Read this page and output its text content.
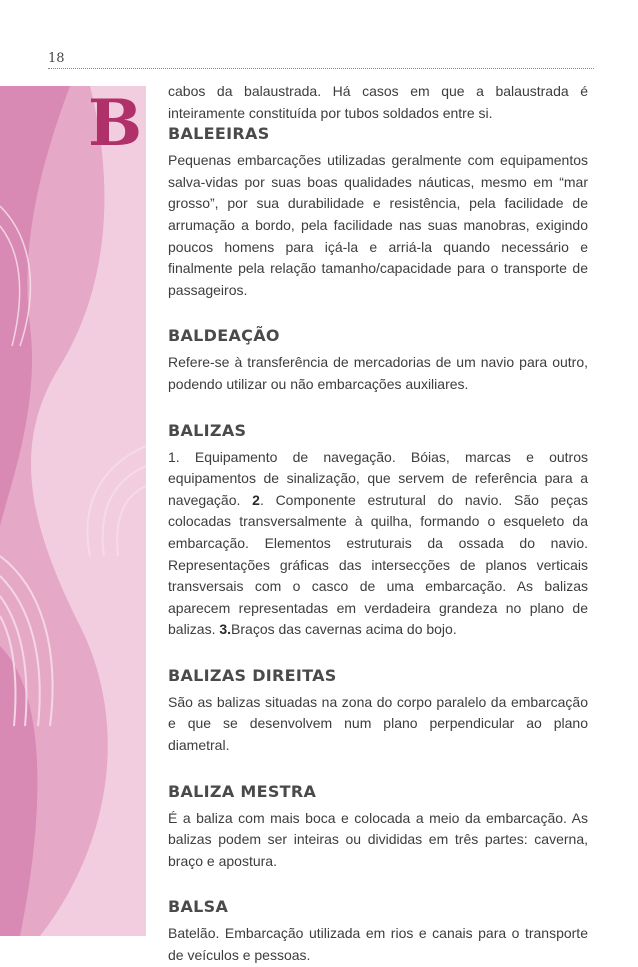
18
B cabos da balaustrada. Há casos em que a balaustrada é inteiramente constituída por tubos soldados entre si.

BALEEIRAS

Pequenas embarcações utilizadas geralmente com equipamentos salva-vidas por suas boas qualidades náuticas, mesmo em “mar grosso”, por sua durabilidade e resistência, pela facilidade de arrumação a bordo, pela facilidade nas suas manobras, exigindo poucos homens para içá-la e arriá-la quando necessário e finalmente pela relação tamanho/capacidade para o transporte de passageiros.

BALDEAÇÃO

Refere-se à transferência de mercadorias de um navio para outro, podendo utilizar ou não embarcações auxiliares.

BALIZAS

1. Equipamento de navegação. Bóias, marcas e outros equipamentos de sinalização, que servem de referência para a navegação. 2. Componente estrutural do navio. São peças colocadas transversalmente à quilha, formando o esqueleto da embarcação. Elementos estruturais da ossada do navio. Representações gráficas das intersecções de planos verticais transversais com o casco de uma embarcação. As balizas aparecem representadas em verdadeira grandeza no plano de balizas. 3.Braços das cavernas acima do bojo.

BALIZAS DIREITAS

São as balizas situadas na zona do corpo paralelo da embarcação e que se desenvolvem num plano perpendicular ao plano diametral.

BALIZA MESTRA

É a baliza com mais boca e colocada a meio da embarcação. As balizas podem ser inteiras ou divididas em três partes: caverna, braço e apostura.

BALSA

Batelão. Embarcação utilizada em rios e canais para o transporte de veículos e pessoas.
